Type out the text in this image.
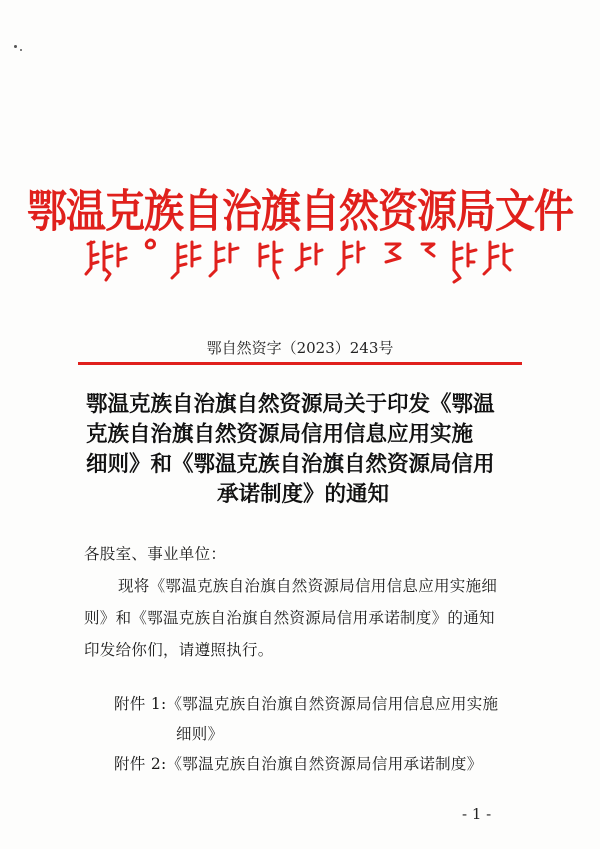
鄂温克族自治旗自然资源局文件
鄂自然资字（2023）243号
鄂温克族自治旗自然资源局关于印发《鄂温
克族自治旗自然资源局信用信息应用实施
细则》和《鄂温克族自治旗自然资源局信用
承诺制度》的通知
各股室、事业单位：
现将《鄂温克族自治旗自然资源局信用信息应用实施细
则》和《鄂温克族自治旗自然资源局信用承诺制度》的通知
印发给你们，请遵照执行。
附件 1:《鄂温克族自治旗自然资源局信用信息应用实施
细则》
附件 2:《鄂温克族自治旗自然资源局信用承诺制度》
- 1 -
